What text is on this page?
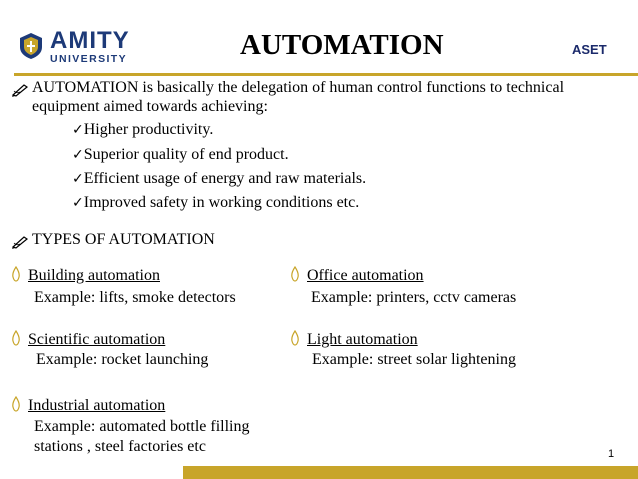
AMITY
UNIVERSITY	AUTOMATION	ASET
AUTOMATION is basically the delegation of human control functions to technical
equipment aimed towards achieving:
✓Higher productivity.
✓Superior quality of end product.
✓Efficient usage of energy and raw materials.
✓Improved safety in working conditions etc.
TYPES OF AUTOMATION
Building automation
Example: lifts, smoke detectors
Office automation
Example: printers, cctv cameras
Scientific automation
Example: rocket launching
Light automation
Example: street solar lightening
Industrial automation
Example: automated bottle filling
stations , steel factories etc	1
